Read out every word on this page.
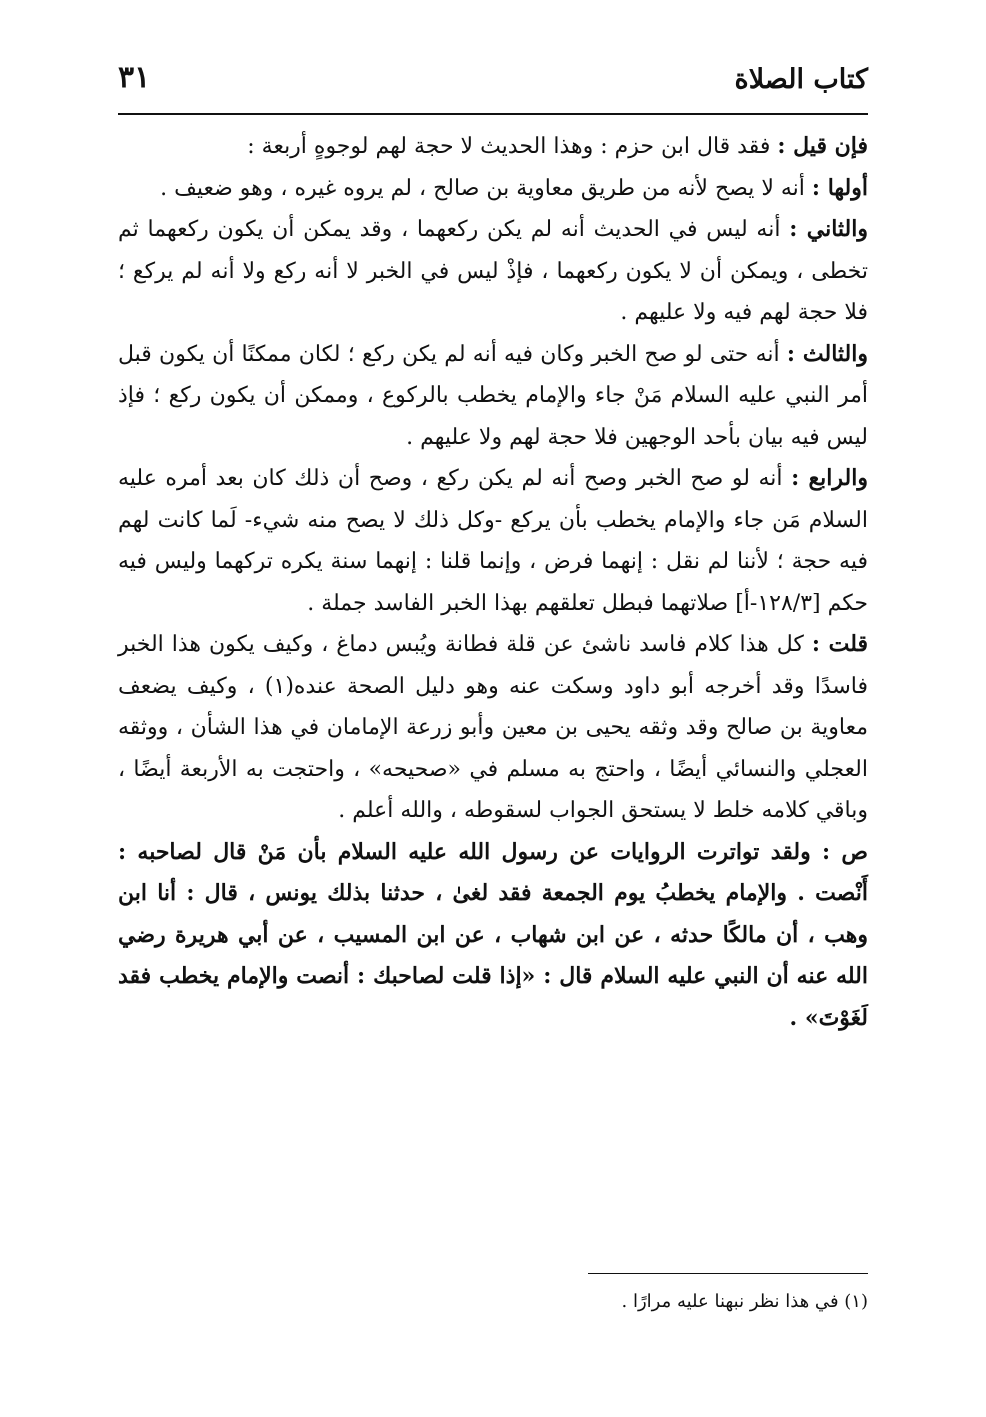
كتاب الصلاة
٣١

فإن قيل : فقد قال ابن حزم : وهذا الحديث لا حجة لهم لوجوهٍ أربعة :

أولها : أنه لا يصح لأنه من طريق معاوية بن صالح ، لم يروه غيره ، وهو ضعيف .

والثاني : أنه ليس في الحديث أنه لم يكن ركعهما ، وقد يمكن أن يكون ركعهما ثم تخطى ، ويمكن أن لا يكون ركعهما ، فإذْ ليس في الخبر لا أنه ركع ولا أنه لم يركع ؛ فلا حجة لهم فيه ولا عليهم .

والثالث : أنه حتى لو صح الخبر وكان فيه أنه لم يكن ركع ؛ لكان ممكنًا أن يكون قبل أمر النبي عليه السلام مَنْ جاء والإمام يخطب بالركوع ، وممكن أن يكون ركع ؛ فإذ ليس فيه بيان بأحد الوجهين فلا حجة لهم ولا عليهم .

والرابع : أنه لو صح الخبر وصح أنه لم يكن ركع ، وصح أن ذلك كان بعد أمره عليه السلام مَن جاء والإمام يخطب بأن يركع -وكل ذلك لا يصح منه شيء- لَما كانت لهم فيه حجة ؛ لأننا لم نقل : إنهما فرض ، وإنما قلنا : إنهما سنة يكره تركهما وليس فيه حكم [١٢٨/٣-أ] صلاتهما فبطل تعلقهم بهذا الخبر الفاسد جملة .

قلت : كل هذا كلام فاسد ناشئ عن قلة فطانة ويُبس دماغ ، وكيف يكون هذا الخبر فاسدًا وقد أخرجه أبو داود وسكت عنه وهو دليل الصحة عنده(١) ، وكيف يضعف معاوية بن صالح وقد وثقه يحيى بن معين وأبو زرعة الإمامان في هذا الشأن ، ووثقه العجلي والنسائي أيضًا ، واحتج به مسلم في «صحيحه» ، واحتجت به الأربعة أيضًا ، وباقي كلامه خلط لا يستحق الجواب لسقوطه ، والله أعلم .

ص : ولقد تواترت الروايات عن رسول الله عليه السلام بأن مَنْ قال لصاحبه : أَنْصت . والإمام يخطبُ يوم الجمعة فقد لغىٰ ، حدثنا بذلك يونس ، قال : أنا ابن وهب ، أن مالكًا حدثه ، عن ابن شهاب ، عن ابن المسيب ، عن أبي هريرة رضي الله عنه أن النبي عليه السلام قال : «إذا قلت لصاحبك : أنصت والإمام يخطب فقد لَغَوْتَ» .

(١) في هذا نظر نبهنا عليه مرارًا .
